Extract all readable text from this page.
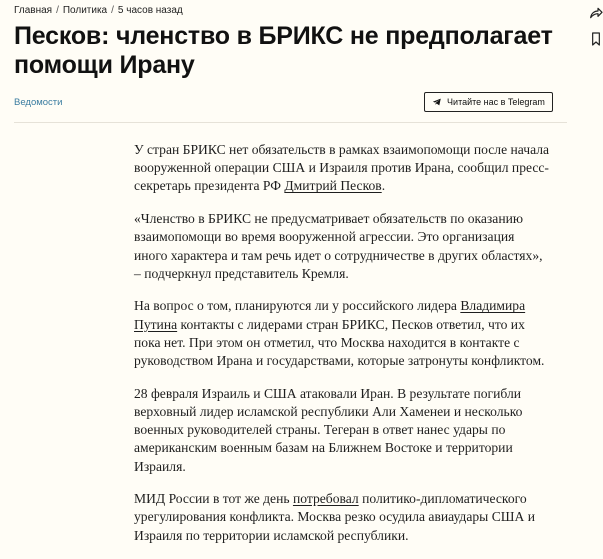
Главная / Политика / 5 часов назад
Песков: членство в БРИКС не предполагает помощи Ирану
Ведомости	Читайте нас в Telegram

У стран БРИКС нет обязательств в рамках взаимопомощи после начала вооруженной операции США и Израиля против Ирана, сообщил пресс-секретарь президента РФ Дмитрий Песков.

«Членство в БРИКС не предусматривает обязательств по оказанию взаимопомощи во время вооруженной агрессии. Это организация иного характера и там речь идет о сотрудничестве в других областях», – подчеркнул представитель Кремля.

На вопрос о том, планируются ли у российского лидера Владимира Путина контакты с лидерами стран БРИКС, Песков ответил, что их пока нет. При этом он отметил, что Москва находится в контакте с руководством Ирана и государствами, которые затронуты конфликтом.

28 февраля Израиль и США атаковали Иран. В результате погибли верховный лидер исламской республики Али Хаменеи и несколько военных руководителей страны. Тегеран в ответ нанес удары по американским военным базам на Ближнем Востоке и территории Израиля.

МИД России в тот же день потребовал политико-дипломатического урегулирования конфликта. Москва резко осудила авиаудары США и Израиля по территории исламской республики.
